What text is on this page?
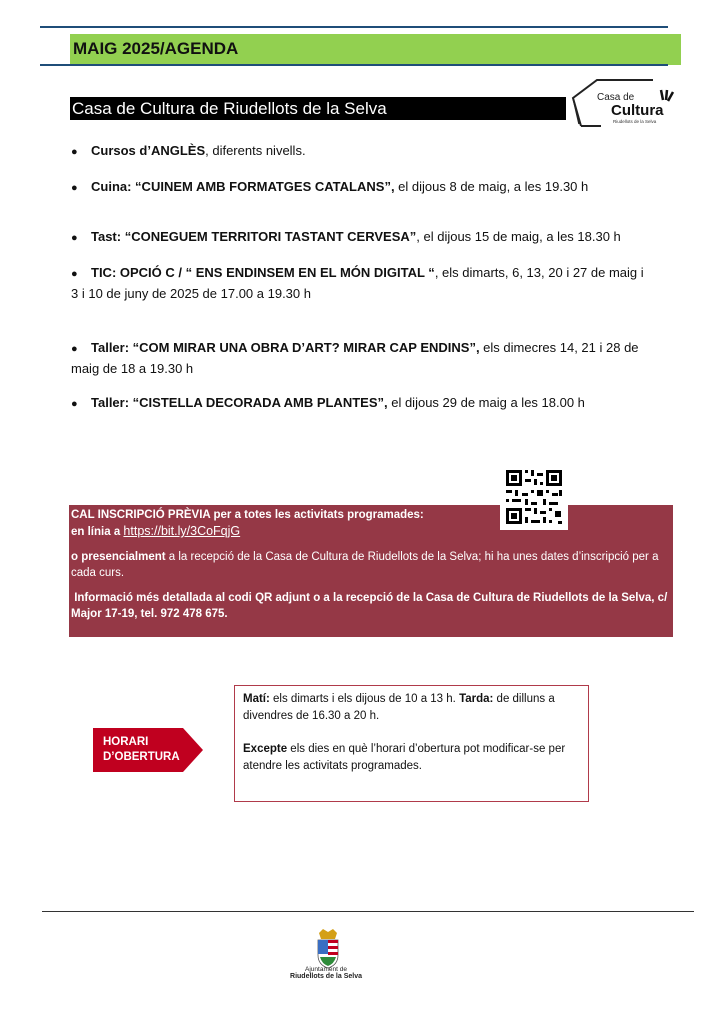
MAIG 2025/AGENDA
Casa de Cultura de Riudellots de la Selva
Casa de
Cultura
Riudellots de la Selva
● Cursos d’ANGLÈS, diferents nivells.
● Cuina: “CUINEM AMB FORMATGES CATALANS”, el dijous 8 de maig, a les 19.30 h
● Tast: “CONEGUEM TERRITORI TASTANT CERVESA”, el dijous 15 de maig, a les 18.30 h
● TIC: OPCIÓ C / “ ENS ENDINSEM EN EL MÓN DIGITAL “, els dimarts, 6, 13, 20 i 27 de maig i 3 i 10 de juny de 2025 de 17.00 a 19.30 h
● Taller: “COM MIRAR UNA OBRA D’ART? MIRAR CAP ENDINS”, els dimecres 14, 21 i 28 de maig de 18 a 19.30 h
● Taller: “CISTELLA DECORADA AMB PLANTES”, el dijous 29 de maig a les 18.00 h

CAL INSCRIPCIÓ PRÈVIA per a totes les activitats programades:

en línia a https://bit.ly/3CoFqjG

o presencialment a la recepció de la Casa de Cultura de Riudellots de la Selva; hi ha unes dates d’inscripció per a cada curs.

Informació més detallada al codi QR adjunt o a la recepció de la Casa de Cultura de Riudellots de la Selva, c/ Major 17-19, tel. 972 478 675.

HORARI
D’OBERTURA

Matí: els dimarts i els dijous de 10 a 13 h. Tarda: de dilluns a divendres de 16.30 a 20 h.

Excepte els dies en què l’horari d’obertura pot modificar-se per atendre les activitats programades.

Ajuntament de
Riudellots de la Selva
